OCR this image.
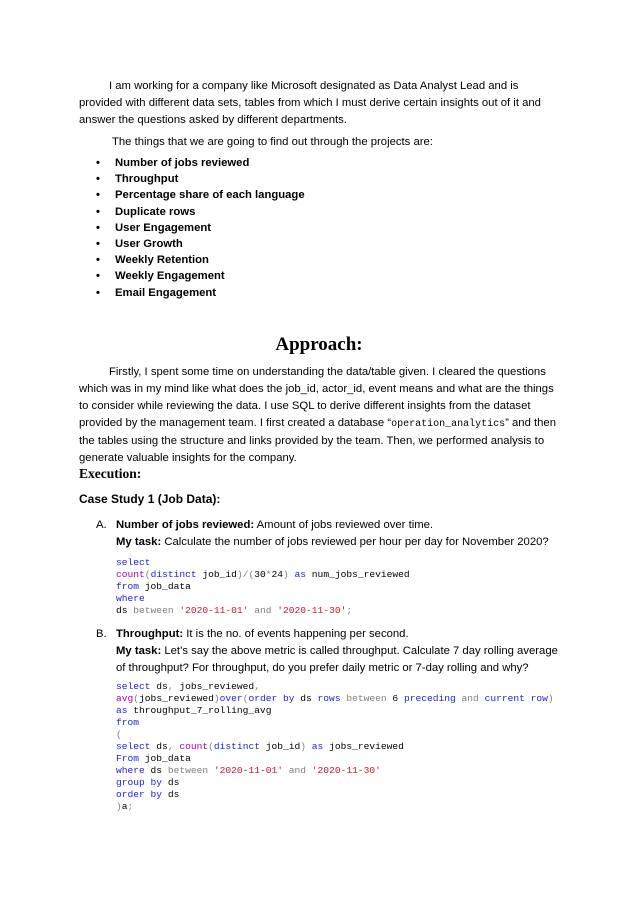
I am working for a company like Microsoft designated as Data Analyst Lead and is provided with different data sets, tables from which I must derive certain insights out of it and answer the questions asked by different departments.

The things that we are going to find out through the projects are:

• Number of jobs reviewed
• Throughput
• Percentage share of each language
• Duplicate rows
• User Engagement
• User Growth
• Weekly Retention
• Weekly Engagement
• Email Engagement
Approach:

Firstly, I spent some time on understanding the data/table given. I cleared the questions which was in my mind like what does the job_id, actor_id, event means and what are the things to consider while reviewing the data. I use SQL to derive different insights from the dataset provided by the management team. I first created a database “operation_analytics” and then the tables using the structure and links provided by the team. Then, we performed analysis to generate valuable insights for the company.

Execution:
Case Study 1 (Job Data):
A. Number of jobs reviewed: Amount of jobs reviewed over time.
My task: Calculate the number of jobs reviewed per hour per day for November 2020?
select
count(distinct job_id)/(30*24) as num_jobs_reviewed
from job_data
where
ds between '2020-11-01' and '2020-11-30';
B. Throughput: It is the no. of events happening per second.
My task: Let’s say the above metric is called throughput. Calculate 7 day rolling average of throughput? For throughput, do you prefer daily metric or 7-day rolling and why?
select ds, jobs_reviewed,
avg(jobs_reviewed)over(order by ds rows between 6 preceding and current row)
as throughput_7_rolling_avg
from
(
select ds, count(distinct job_id) as jobs_reviewed
From job_data
where ds between '2020-11-01' and '2020-11-30'
group by ds
order by ds
)a;
